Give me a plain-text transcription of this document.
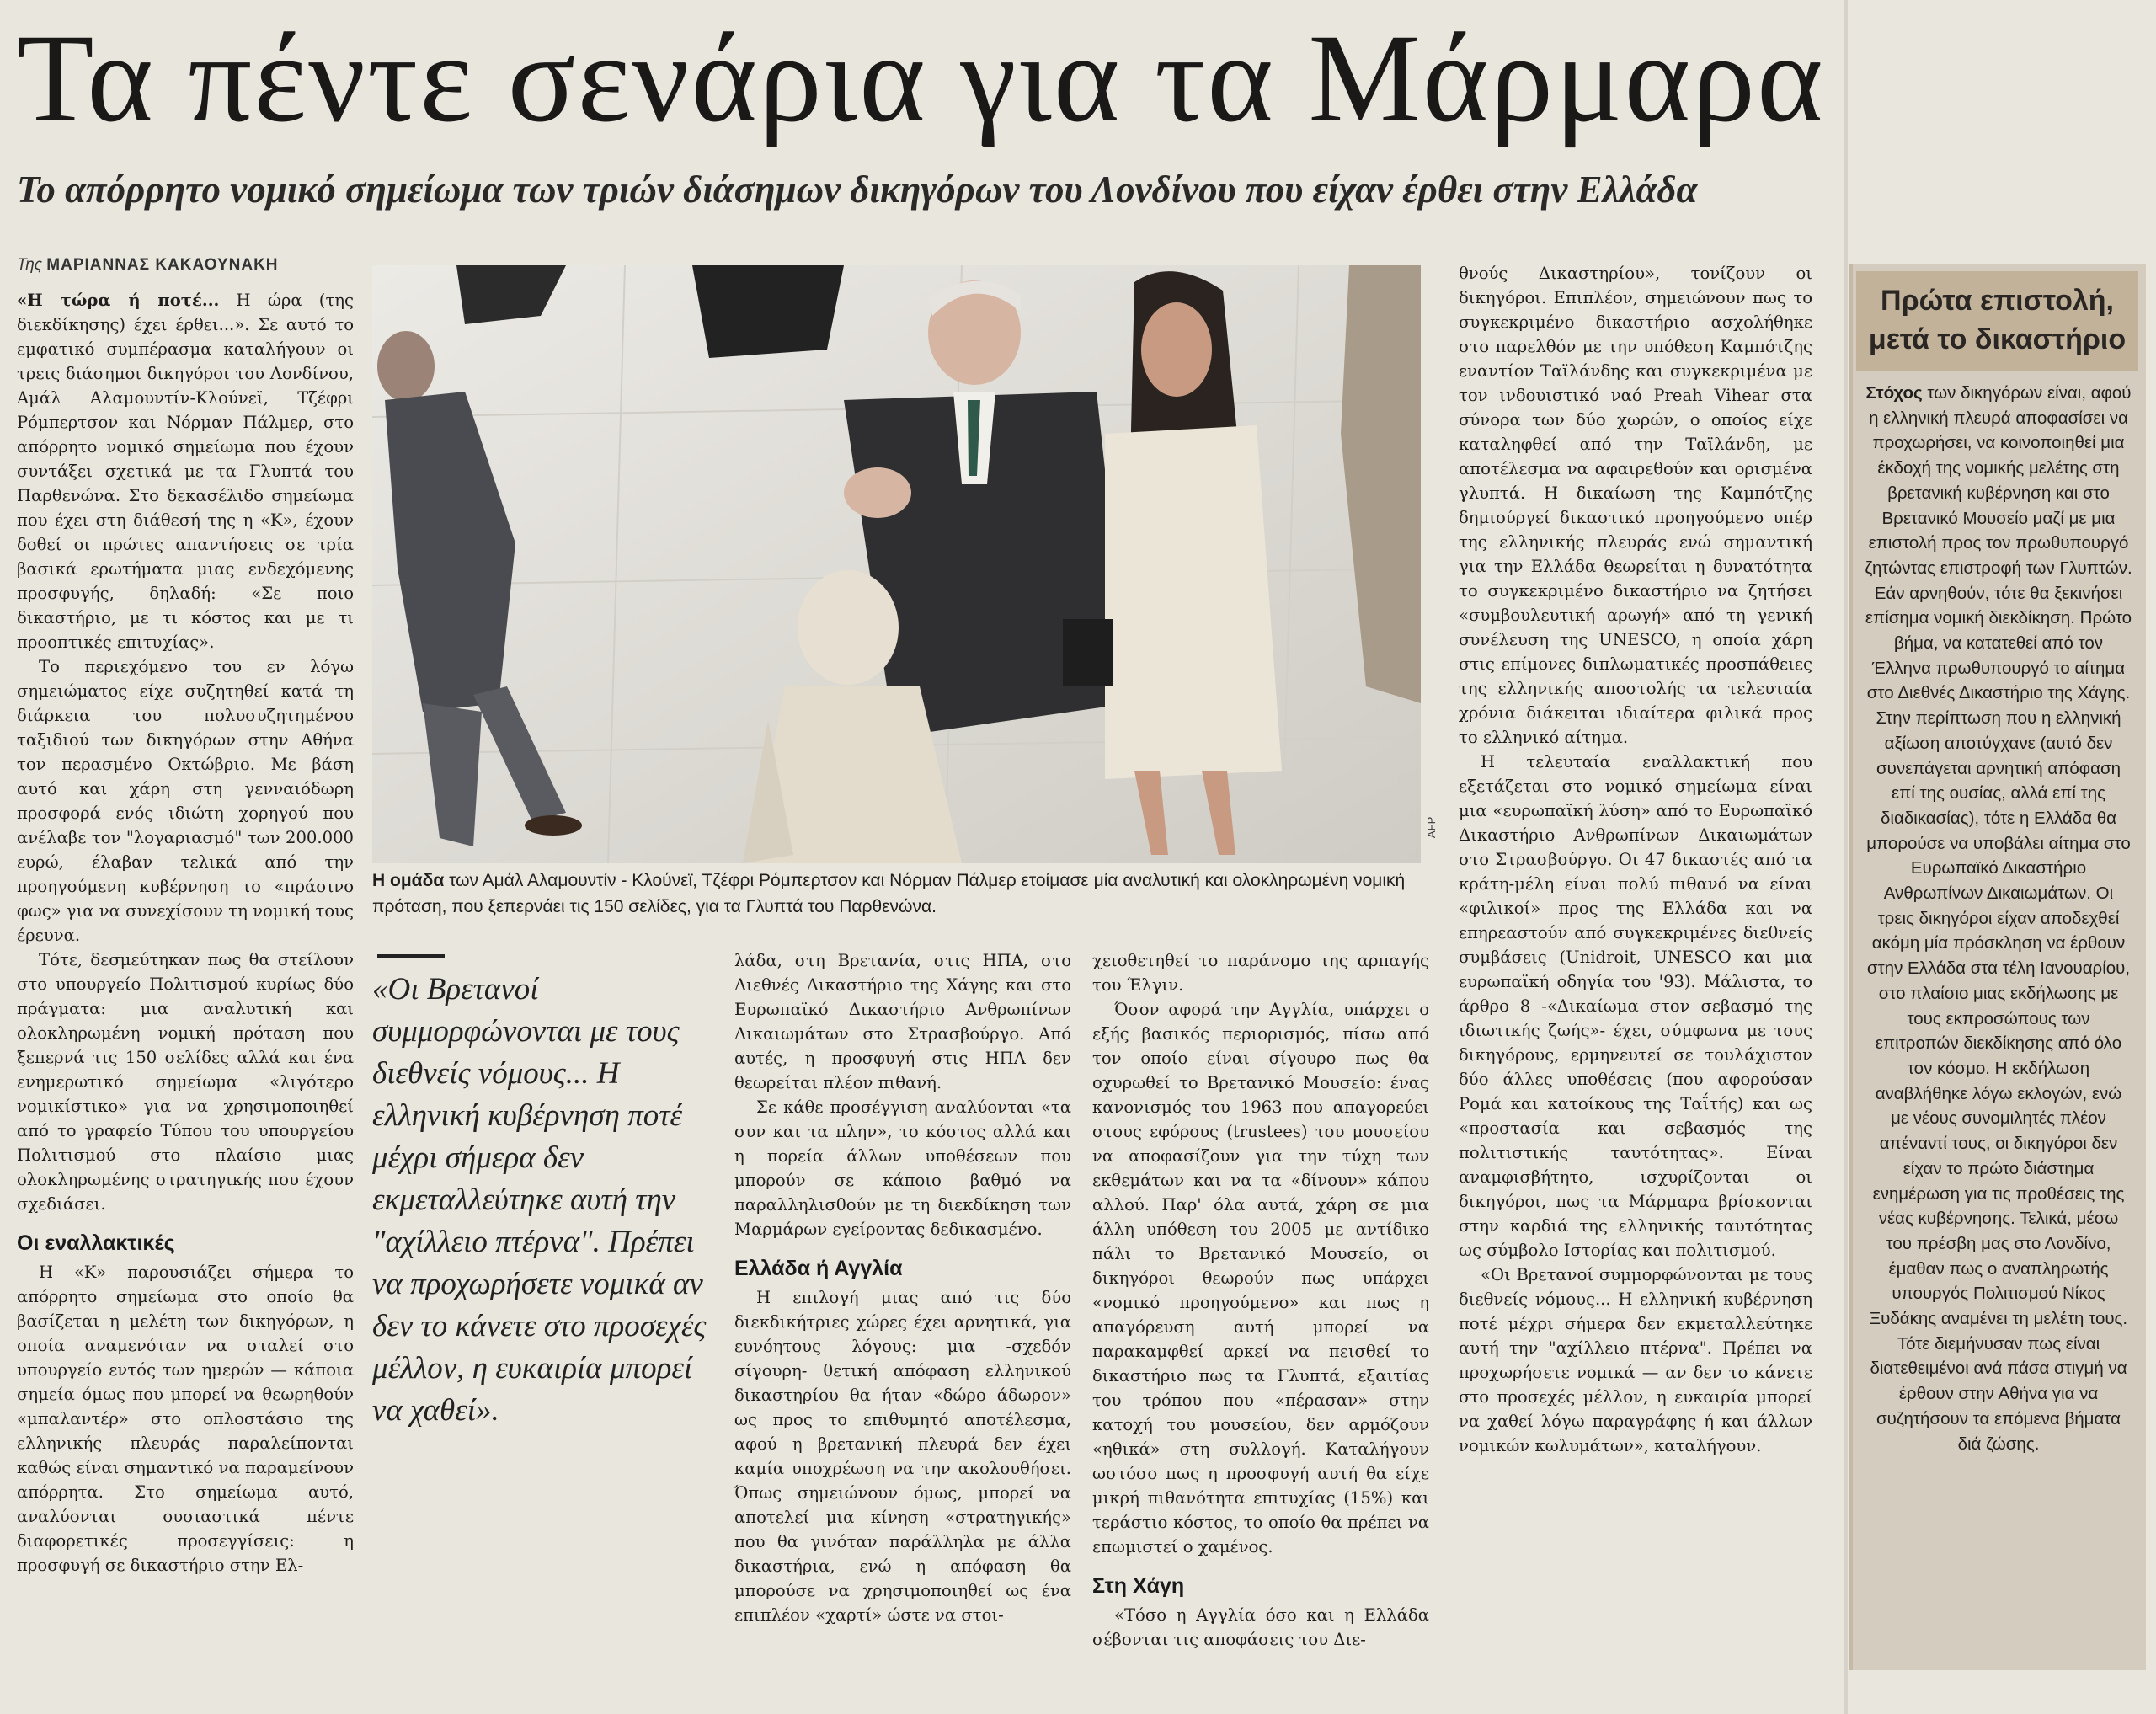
Τα πέντε σενάρια για τα Μάρμαρα
Το απόρρητο νομικό σημείωμα των τριών διάσημων δικηγόρων του Λονδίνου που είχαν έρθει στην Ελλάδα
Της ΜΑΡΙΑΝΝΑΣ ΚΑΚΑΟΥΝΑΚΗ

«Η τώρα ή ποτέ... Η ώρα (της διεκδίκησης) έχει έρθει...». Σε αυτό το εμφατικό συμπέρασμα καταλήγουν οι τρεις διάσημοι δικηγόροι του Λονδίνου, Αμάλ Αλαμουντίν-Κλούνεϊ, Τζέφρι Ρόμπερτσον και Νόρμαν Πάλμερ, στο απόρρητο νομικό σημείωμα που έχουν συντάξει σχετικά με τα Γλυπτά του Παρθενώνα. Στο δεκασέλιδο σημείωμα που έχει στη διάθεσή της η «Κ», έχουν δοθεί οι πρώτες απαντήσεις σε τρία βασικά ερωτήματα μιας ενδεχόμενης προσφυγής, δηλαδή: «Σε ποιο δικαστήριο, με τι κόστος και με τι προοπτικές επιτυχίας».

Το περιεχόμενο του εν λόγω σημειώματος είχε συζητηθεί κατά τη διάρκεια του πολυσυζητημένου ταξιδιού των δικηγόρων στην Αθήνα τον περασμένο Οκτώβριο. Με βάση αυτό και χάρη στη γενναιόδωρη προσφορά ενός ιδιώτη χορηγού που ανέλαβε τον "λογαριασμό" των 200.000 ευρώ, έλαβαν τελικά από την προηγούμενη κυβέρνηση το «πράσινο φως» για να συνεχίσουν τη νομική τους έρευνα.

Τότε, δεσμεύτηκαν πως θα στείλουν στο υπουργείο Πολιτισμού κυρίως δύο πράγματα: μια αναλυτική και ολοκληρωμένη νομική πρόταση που ξεπερνά τις 150 σελίδες αλλά και ένα ενημερωτικό σημείωμα «λιγότερο νομικίστικο» για να χρησιμοποιηθεί από το γραφείο Τύπου του υπουργείου Πολιτισμού στο πλαίσιο μιας ολοκληρωμένης στρατηγικής που έχουν σχεδιάσει.

Οι εναλλακτικές

Η «Κ» παρουσιάζει σήμερα το απόρρητο σημείωμα στο οποίο θα βασίζεται η μελέτη των δικηγόρων, η οποία αναμενόταν να σταλεί στο υπουργείο εντός των ημερών — κάποια σημεία όμως που μπορεί να θεωρηθούν «μπαλαντέρ» στο οπλοστάσιο της ελληνικής πλευράς παραλείπονται καθώς είναι σημαντικό να παραμείνουν απόρρητα. Στο σημείωμα αυτό, αναλύονται ουσιαστικά πέντε διαφορετικές προσεγγίσεις: η προσφυγή σε δικαστήριο στην Ελ-

AFP
Η ομάδα των Αμάλ Αλαμουντίν - Κλούνεϊ, Τζέφρι Ρόμπερτσον και Νόρμαν Πάλμερ ετοίμασε μία αναλυτική και ολοκληρωμένη νομική πρόταση, που ξεπερνάει τις 150 σελίδες, για τα Γλυπτά του Παρθενώνα.
«Οι Βρετανοί συμμορφώνονται με τους διεθνείς νόμους... Η ελληνική κυβέρνηση ποτέ μέχρι σήμερα δεν εκμεταλλεύτηκε αυτή την "αχίλλειο πτέρνα". Πρέπει να προχωρήσετε νομικά αν δεν το κάνετε στο προσεχές μέλλον, η ευκαιρία μπορεί να χαθεί».

λάδα, στη Βρετανία, στις ΗΠΑ, στο Διεθνές Δικαστήριο της Χάγης και στο Ευρωπαϊκό Δικαστήριο Ανθρωπίνων Δικαιωμάτων στο Στρασβούργο. Από αυτές, η προσφυγή στις ΗΠΑ δεν θεωρείται πλέον πιθανή.

Σε κάθε προσέγγιση αναλύονται «τα συν και τα πλην», το κόστος αλλά και η πορεία άλλων υποθέσεων που μπορούν σε κάποιο βαθμό να παραλληλισθούν με τη διεκδίκηση των Μαρμάρων εγείροντας δεδικασμένο.

Ελλάδα ή Αγγλία

Η επιλογή μιας από τις δύο διεκδικήτριες χώρες έχει αρνητικά, για ευνόητους λόγους: μια -σχεδόν σίγουρη- θετική απόφαση ελληνικού δικαστηρίου θα ήταν «δώρο άδωρον» ως προς το επιθυμητό αποτέλεσμα, αφού η βρετανική πλευρά δεν έχει καμία υποχρέωση να την ακολουθήσει. Όπως σημειώνουν όμως, μπορεί να αποτελεί μια κίνηση «στρατηγικής» που θα γινόταν παράλληλα με άλλα δικαστήρια, ενώ η απόφαση θα μπορούσε να χρησιμοποιηθεί ως ένα επιπλέον «χαρτί» ώστε να στοι-

χειοθετηθεί το παράνομο της αρπαγής του Έλγιν.

Όσον αφορά την Αγγλία, υπάρχει ο εξής βασικός περιορισμός, πίσω από τον οποίο είναι σίγουρο πως θα οχυρωθεί το Βρετανικό Μουσείο: ένας κανονισμός του 1963 που απαγορεύει στους εφόρους (trustees) του μουσείου να αποφασίζουν για την τύχη των εκθεμάτων και να τα «δίνουν» κάπου αλλού. Παρ' όλα αυτά, χάρη σε μια άλλη υπόθεση του 2005 με αντίδικο πάλι το Βρετανικό Μουσείο, οι δικηγόροι θεωρούν πως υπάρχει «νομικό προηγούμενο» και πως η απαγόρευση αυτή μπορεί να παρακαμφθεί αρκεί να πεισθεί το δικαστήριο πως τα Γλυπτά, εξαιτίας του τρόπου που «πέρασαν» στην κατοχή του μουσείου, δεν αρμόζουν «ηθικά» στη συλλογή. Καταλήγουν ωστόσο πως η προσφυγή αυτή θα είχε μικρή πιθανότητα επιτυχίας (15%) και τεράστιο κόστος, το οποίο θα πρέπει να επωμιστεί ο χαμένος.

Στη Χάγη

«Τόσο η Αγγλία όσο και η Ελλάδα σέβονται τις αποφάσεις του Διε-

θνούς Δικαστηρίου», τονίζουν οι δικηγόροι. Επιπλέον, σημειώνουν πως το συγκεκριμένο δικαστήριο ασχολήθηκε στο παρελθόν με την υπόθεση Καμπότζης εναντίον Ταϊλάνδης και συγκεκριμένα με τον ινδουιστικό ναό Preah Vihear στα σύνορα των δύο χωρών, ο οποίος είχε καταληφθεί από την Ταϊλάνδη, με αποτέλεσμα να αφαιρεθούν και ορισμένα γλυπτά. Η δικαίωση της Καμπότζης δημιούργεί δικαστικό προηγούμενο υπέρ της ελληνικής πλευράς ενώ σημαντική για την Ελλάδα θεωρείται η δυνατότητα το συγκεκριμένο δικαστήριο να ζητήσει «συμβουλευτική αρωγή» από τη γενική συνέλευση της UNESCO, η οποία χάρη στις επίμονες διπλωματικές προσπάθειες της ελληνικής αποστολής τα τελευταία χρόνια διάκειται ιδιαίτερα φιλικά προς το ελληνικό αίτημα.

Η τελευταία εναλλακτική που εξετάζεται στο νομικό σημείωμα είναι μια «ευρωπαϊκή λύση» από το Ευρωπαϊκό Δικαστήριο Ανθρωπίνων Δικαιωμάτων στο Στρασβούργο. Οι 47 δικαστές από τα κράτη-μέλη είναι πολύ πιθανό να είναι «φιλικοί» προς της Ελλάδα και να επηρεαστούν από συγκεκριμένες διεθνείς συμβάσεις (Unidroit, UNESCO και μια ευρωπαϊκή οδηγία του '93). Μάλιστα, το άρθρο 8 -«Δικαίωμα στον σεβασμό της ιδιωτικής ζωής»- έχει, σύμφωνα με τους δικηγόρους, ερμηνευτεί σε τουλάχιστον δύο άλλες υποθέσεις (που αφορούσαν Ρομά και κατοίκους της Ταΐτής) και ως «προστασία και σεβασμός της πολιτιστικής ταυτότητας». Είναι αναμφισβήτητο, ισχυρίζονται οι δικηγόροι, πως τα Μάρμαρα βρίσκονται στην καρδιά της ελληνικής ταυτότητας ως σύμβολο Ιστορίας και πολιτισμού.

«Οι Βρετανοί συμμορφώνονται με τους διεθνείς νόμους... Η ελληνική κυβέρνηση ποτέ μέχρι σήμερα δεν εκμεταλλεύτηκε αυτή την "αχίλλειο πτέρνα". Πρέπει να προχωρήσετε νομικά — αν δεν το κάνετε στο προσεχές μέλλον, η ευκαιρία μπορεί να χαθεί λόγω παραγράφης ή και άλλων νομικών κωλυμάτων», καταλήγουν.

Πρώτα επιστολή, μετά το δικαστήριο
Στόχος των δικηγόρων είναι, αφού η ελληνική πλευρά αποφασίσει να προχωρήσει, να κοινοποιηθεί μια έκδοχή της νομικής μελέτης στη βρετανική κυβέρνηση και στο Βρετανικό Μουσείο μαζί με μια επιστολή προς τον πρωθυπουργό ζητώντας επιστροφή των Γλυπτών. Εάν αρνηθούν, τότε θα ξεκινήσει επίσημα νομική διεκδίκηση. Πρώτο βήμα, να κατατεθεί από τον Έλληνα πρωθυπουργό το αίτημα στο Διεθνές Δικαστήριο της Χάγης. Στην περίπτωση που η ελληνική αξίωση αποτύγχανε (αυτό δεν συνεπάγεται αρνητική απόφαση επί της ουσίας, αλλά επί της διαδικασίας), τότε η Ελλάδα θα μπορούσε να υποβάλει αίτημα στο Ευρωπαϊκό Δικαστήριο Ανθρωπίνων Δικαιωμάτων. Οι τρεις δικηγόροι είχαν αποδεχθεί ακόμη μία πρόσκληση να έρθουν στην Ελλάδα στα τέλη Ιανουαρίου, στο πλαίσιο μιας εκδήλωσης με τους εκπροσώπους των επιτροπών διεκδίκησης από όλο τον κόσμο. Η εκδήλωση αναβλήθηκε λόγω εκλογών, ενώ με νέους συνομιλητές πλέον απέναντί τους, οι δικηγόροι δεν είχαν το πρώτο διάστημα ενημέρωση για τις προθέσεις της νέας κυβέρνησης. Τελικά, μέσω του πρέσβη μας στο Λονδίνο, έμαθαν πως ο αναπληρωτής υπουργός Πολιτισμού Νίκος Ξυδάκης αναμένει τη μελέτη τους. Τότε διεμήνυσαν πως είναι διατεθειμένοι ανά πάσα στιγμή να έρθουν στην Αθήνα για να συζητήσουν τα επόμενα βήματα διά ζώσης.
